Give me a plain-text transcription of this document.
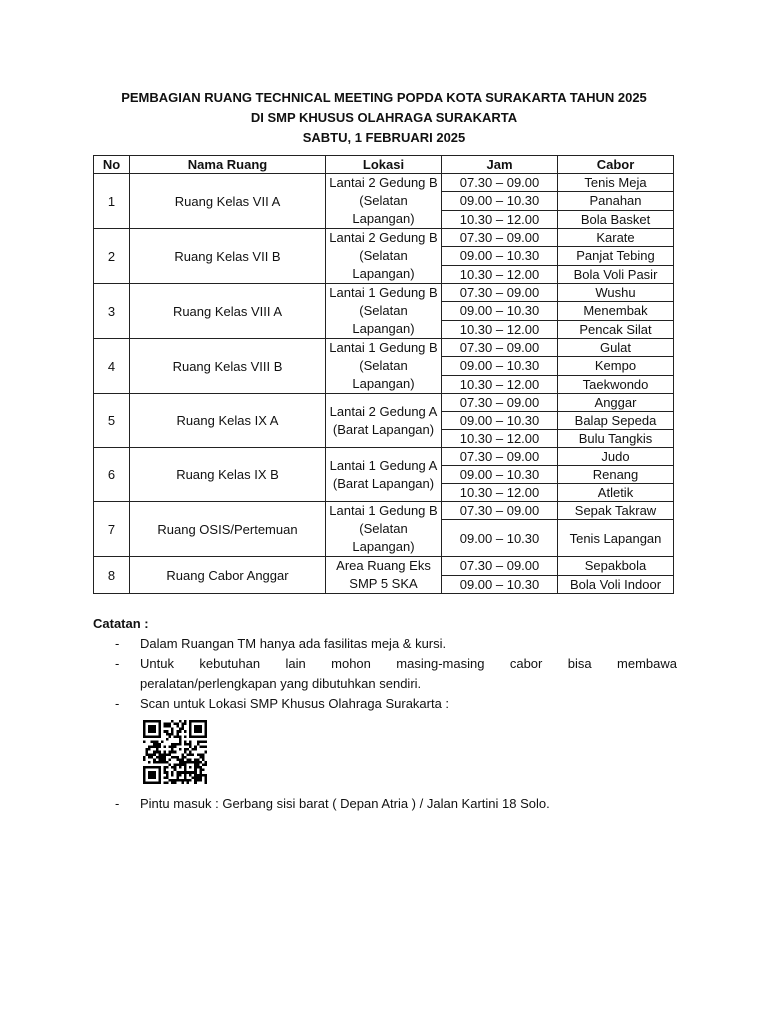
PEMBAGIAN RUANG TECHNICAL MEETING POPDA KOTA SURAKARTA TAHUN 2025
DI SMP KHUSUS OLAHRAGA SURAKARTA
SABTU, 1 FEBRUARI 2025
No	Nama Ruang	Lokasi	Jam	Cabor
1	Ruang Kelas VII A	Lantai 2 Gedung B (Selatan Lapangan)	07.30 – 09.00	Tenis Meja
			09.00 – 10.30	Panahan
			10.30 – 12.00	Bola Basket
2	Ruang Kelas VII B	Lantai 2 Gedung B (Selatan Lapangan)	07.30 – 09.00	Karate
			09.00 – 10.30	Panjat Tebing
			10.30 – 12.00	Bola Voli Pasir
3	Ruang Kelas VIII A	Lantai 1 Gedung B (Selatan Lapangan)	07.30 – 09.00	Wushu
			09.00 – 10.30	Menembak
			10.30 – 12.00	Pencak Silat
4	Ruang Kelas VIII B	Lantai 1 Gedung B (Selatan Lapangan)	07.30 – 09.00	Gulat
			09.00 – 10.30	Kempo
			10.30 – 12.00	Taekwondo
5	Ruang Kelas IX A	Lantai 2 Gedung A (Barat Lapangan)	07.30 – 09.00	Anggar
			09.00 – 10.30	Balap Sepeda
			10.30 – 12.00	Bulu Tangkis
6	Ruang Kelas IX B	Lantai 1 Gedung A (Barat Lapangan)	07.30 – 09.00	Judo
			09.00 – 10.30	Renang
			10.30 – 12.00	Atletik
7	Ruang OSIS/Pertemuan	Lantai 1 Gedung B (Selatan Lapangan)	07.30 – 09.00	Sepak Takraw
			09.00 – 10.30	Tenis Lapangan
8	Ruang Cabor Anggar	Area Ruang Eks SMP 5 SKA	07.30 – 09.00	Sepakbola
			09.00 – 10.30	Bola Voli Indoor
Catatan :
- Dalam Ruangan TM hanya ada fasilitas meja & kursi.
- Untuk kebutuhan lain mohon masing-masing cabor bisa membawa
peralatan/perlengkapan yang dibutuhkan sendiri.
- Scan untuk Lokasi SMP Khusus Olahraga Surakarta :
- Pintu masuk : Gerbang sisi barat ( Depan Atria ) / Jalan Kartini 18 Solo.
